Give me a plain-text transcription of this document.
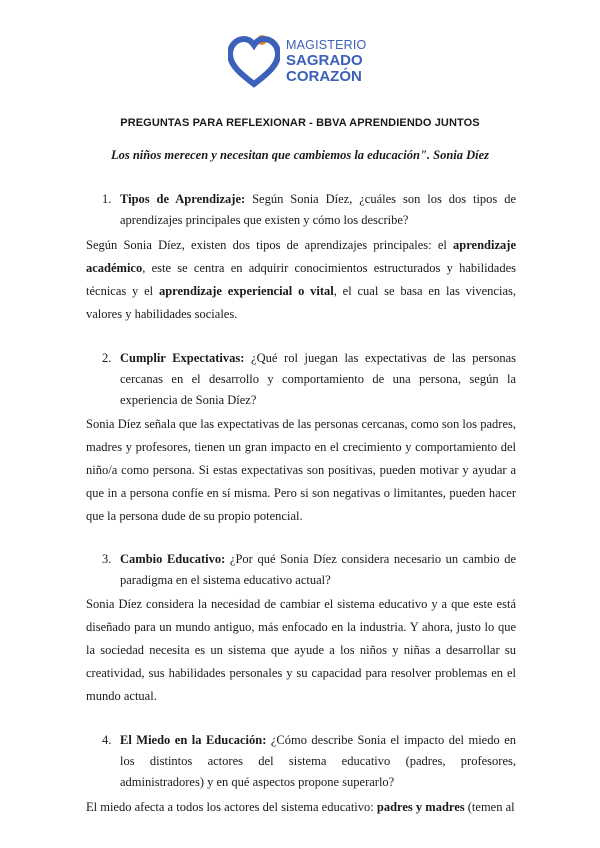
MAGISTERIO
SAGRADO
CORAZÓN
PREGUNTAS PARA REFLEXIONAR - BBVA APRENDIENDO JUNTOS
Los niños merecen y necesitan que cambiemos la educación". Sonia Díez
1. Tipos de Aprendizaje: Según Sonia Díez, ¿cuáles son los dos tipos de aprendizajes principales que existen y cómo los describe?
Según Sonia Díez, existen dos tipos de aprendizajes principales: el aprendizaje académico, este se centra en adquirir conocimientos estructurados y habilidades técnicas y el aprendizaje experiencial o vital, el cual se basa en las vivencias, valores y habilidades sociales.
2. Cumplir Expectativas: ¿Qué rol juegan las expectativas de las personas cercanas en el desarrollo y comportamiento de una persona, según la experiencia de Sonia Díez?
Sonia Díez señala que las expectativas de las personas cercanas, como son los padres, madres y profesores, tienen un gran impacto en el crecimiento y comportamiento del niño/a como persona. Si estas expectativas son positivas, pueden motivar y ayudar a que in a persona confíe en sí misma. Pero si son negativas o limitantes, pueden hacer que la persona dude de su propio potencial.
3. Cambio Educativo: ¿Por qué Sonia Díez considera necesario un cambio de paradigma en el sistema educativo actual?
Sonia Díez considera la necesidad de cambiar el sistema educativo y a que este está diseñado para un mundo antiguo, más enfocado en la industria. Y ahora, justo lo que la sociedad necesita es un sistema que ayude a los niños y niñas a desarrollar su creatividad, sus habilidades personales y su capacidad para resolver problemas en el mundo actual.
4. El Miedo en la Educación: ¿Cómo describe Sonia el impacto del miedo en los distintos actores del sistema educativo (padres, profesores, administradores) y en qué aspectos propone superarlo?
El miedo afecta a todos los actores del sistema educativo: padres y madres (temen al
